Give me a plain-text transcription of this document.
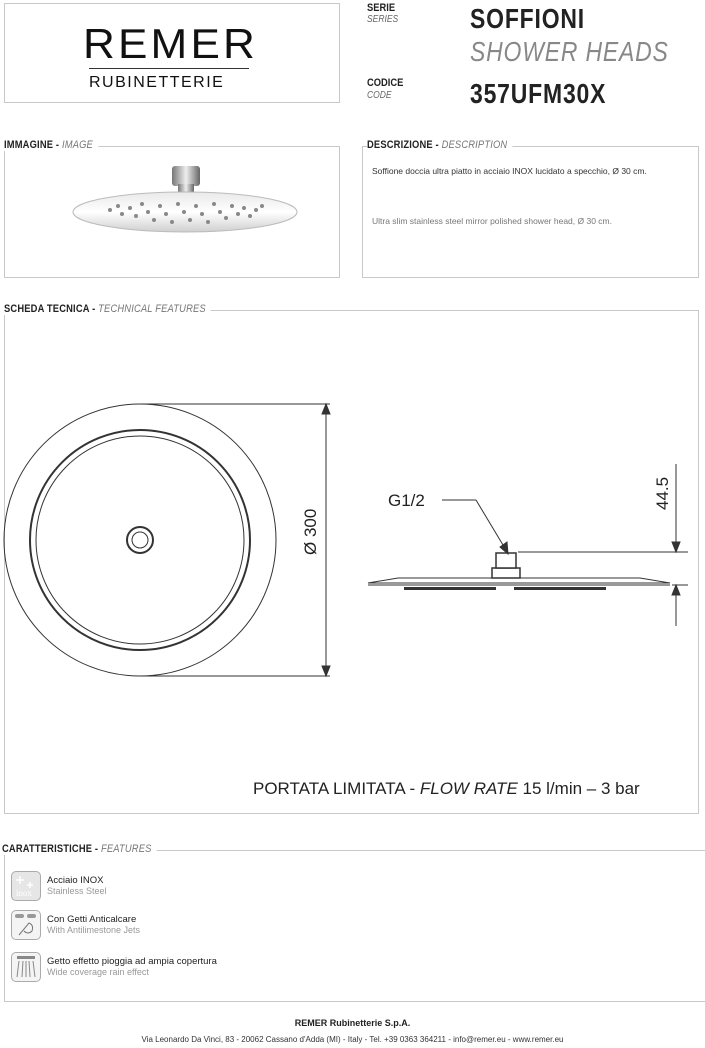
REMER
RUBINETTERIE
SERIE
SERIES	SOFFIONI
SHOWER HEADS
CODICE
CODE	357UFM30X
IMMAGINE - IMAGE	DESCRIZIONE - DESCRIPTION
Soffione doccia ultra piatto in acciaio INOX lucidato a specchio, Ø 30 cm.
Ultra slim stainless steel mirror polished shower head, Ø 30 cm.
SCHEDA TECNICA - TECHNICAL FEATURES
Ø 300
G1/2	44.5
PORTATA LIMITATA - FLOW RATE 15 l/min – 3 bar
CARATTERISTICHE - FEATURES
inox
Acciaio INOX
Stainless Steel
Con Getti Anticalcare
With Antilimestone Jets
Getto effetto pioggia ad ampia copertura
Wide coverage rain effect
REMER Rubinetterie S.p.A.
Via Leonardo Da Vinci, 83 - 20062 Cassano d'Adda (MI) - Italy - Tel. +39 0363 364211 - info@remer.eu - www.remer.eu
